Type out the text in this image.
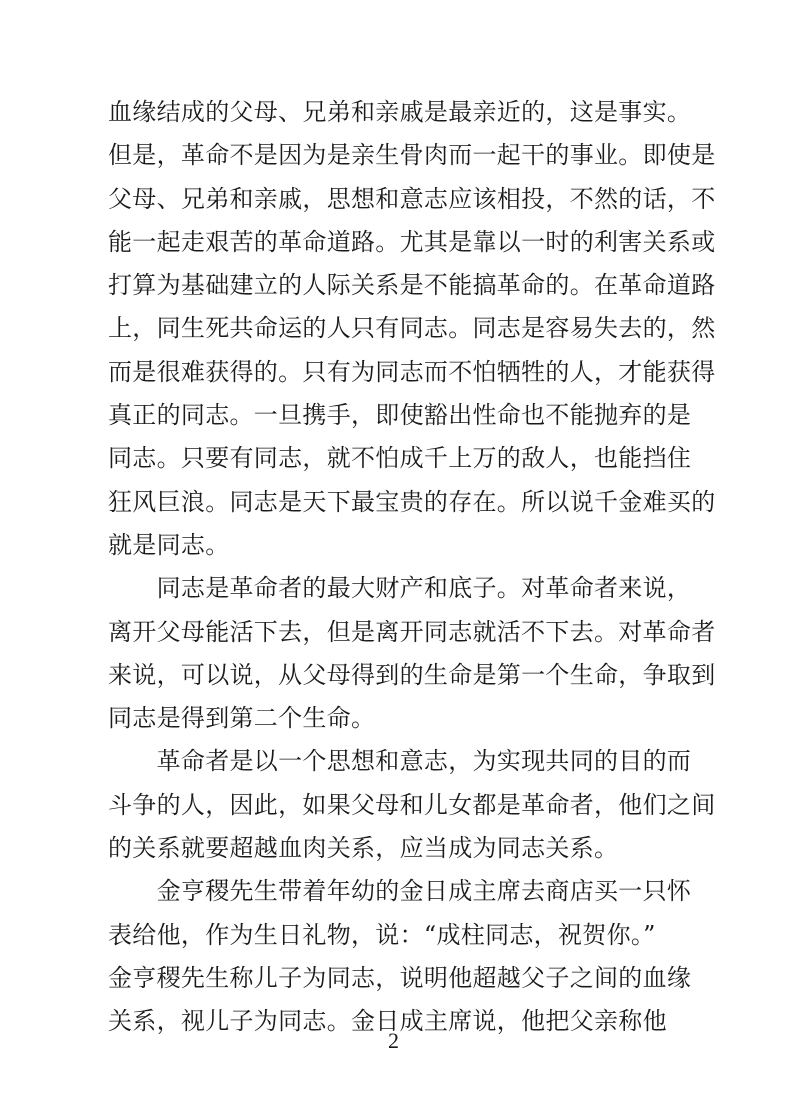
血缘结成的父母、兄弟和亲戚是最亲近的，这是事实。
但是，革命不是因为是亲生骨肉而一起干的事业。即使是
父母、兄弟和亲戚，思想和意志应该相投，不然的话，不
能一起走艰苦的革命道路。尤其是靠以一时的利害关系或
打算为基础建立的人际关系是不能搞革命的。在革命道路
上，同生死共命运的人只有同志。同志是容易失去的，然
而是很难获得的。只有为同志而不怕牺牲的人，才能获得
真正的同志。一旦携手，即使豁出性命也不能抛弃的是
同志。只要有同志，就不怕成千上万的敌人，也能挡住
狂风巨浪。同志是天下最宝贵的存在。所以说千金难买的
就是同志。
　　同志是革命者的最大财产和底子。对革命者来说，
离开父母能活下去，但是离开同志就活不下去。对革命者
来说，可以说，从父母得到的生命是第一个生命，争取到
同志是得到第二个生命。
　　革命者是以一个思想和意志，为实现共同的目的而
斗争的人，因此，如果父母和儿女都是革命者，他们之间
的关系就要超越血肉关系，应当成为同志关系。
　　金亨稷先生带着年幼的金日成主席去商店买一只怀
表给他，作为生日礼物，说：“成柱同志，祝贺你。”
金亨稷先生称儿子为同志，说明他超越父子之间的血缘
关系，视儿子为同志。金日成主席说，他把父亲称他
2
